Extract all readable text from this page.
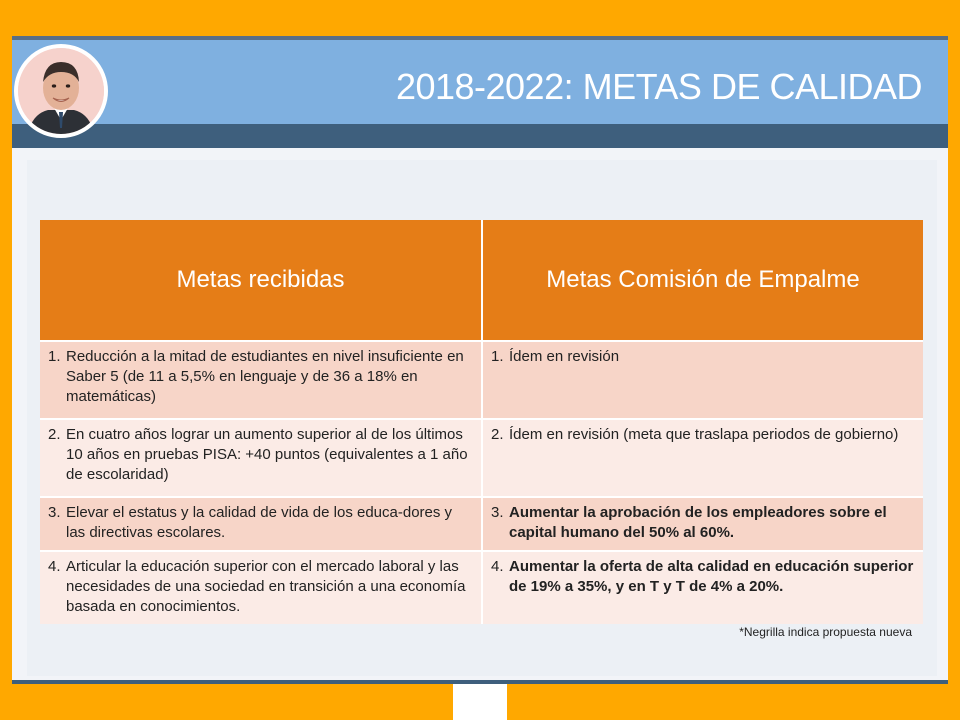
2018-2022: METAS DE CALIDAD
Metas recibidas	Metas Comisión de Empalme

1. Reducción a la mitad de estudiantes en nivel insuficiente en Saber 5 (de 11 a 5,5% en lenguaje y de 36 a 18% en matemáticas)	1. Ídem en revisión

2. En cuatro años lograr un aumento superior al de los últimos 10 años en pruebas PISA: +40 puntos (equivalentes a 1 año de escolaridad)	2. Ídem en revisión (meta que traslapa periodos de gobierno)

3. Elevar el estatus y la calidad de vida de los educa-dores y las directivas escolares.	3. Aumentar la aprobación de los empleadores sobre el capital humano del 50% al 60%.

4. Articular la educación superior con el mercado laboral y las necesidades de una sociedad en transición a una economía basada en conocimientos.	4. Aumentar la oferta de alta calidad en educación superior de 19% a 35%, y en T y T de 4% a 20%.
*Negrilla indica propuesta nueva
